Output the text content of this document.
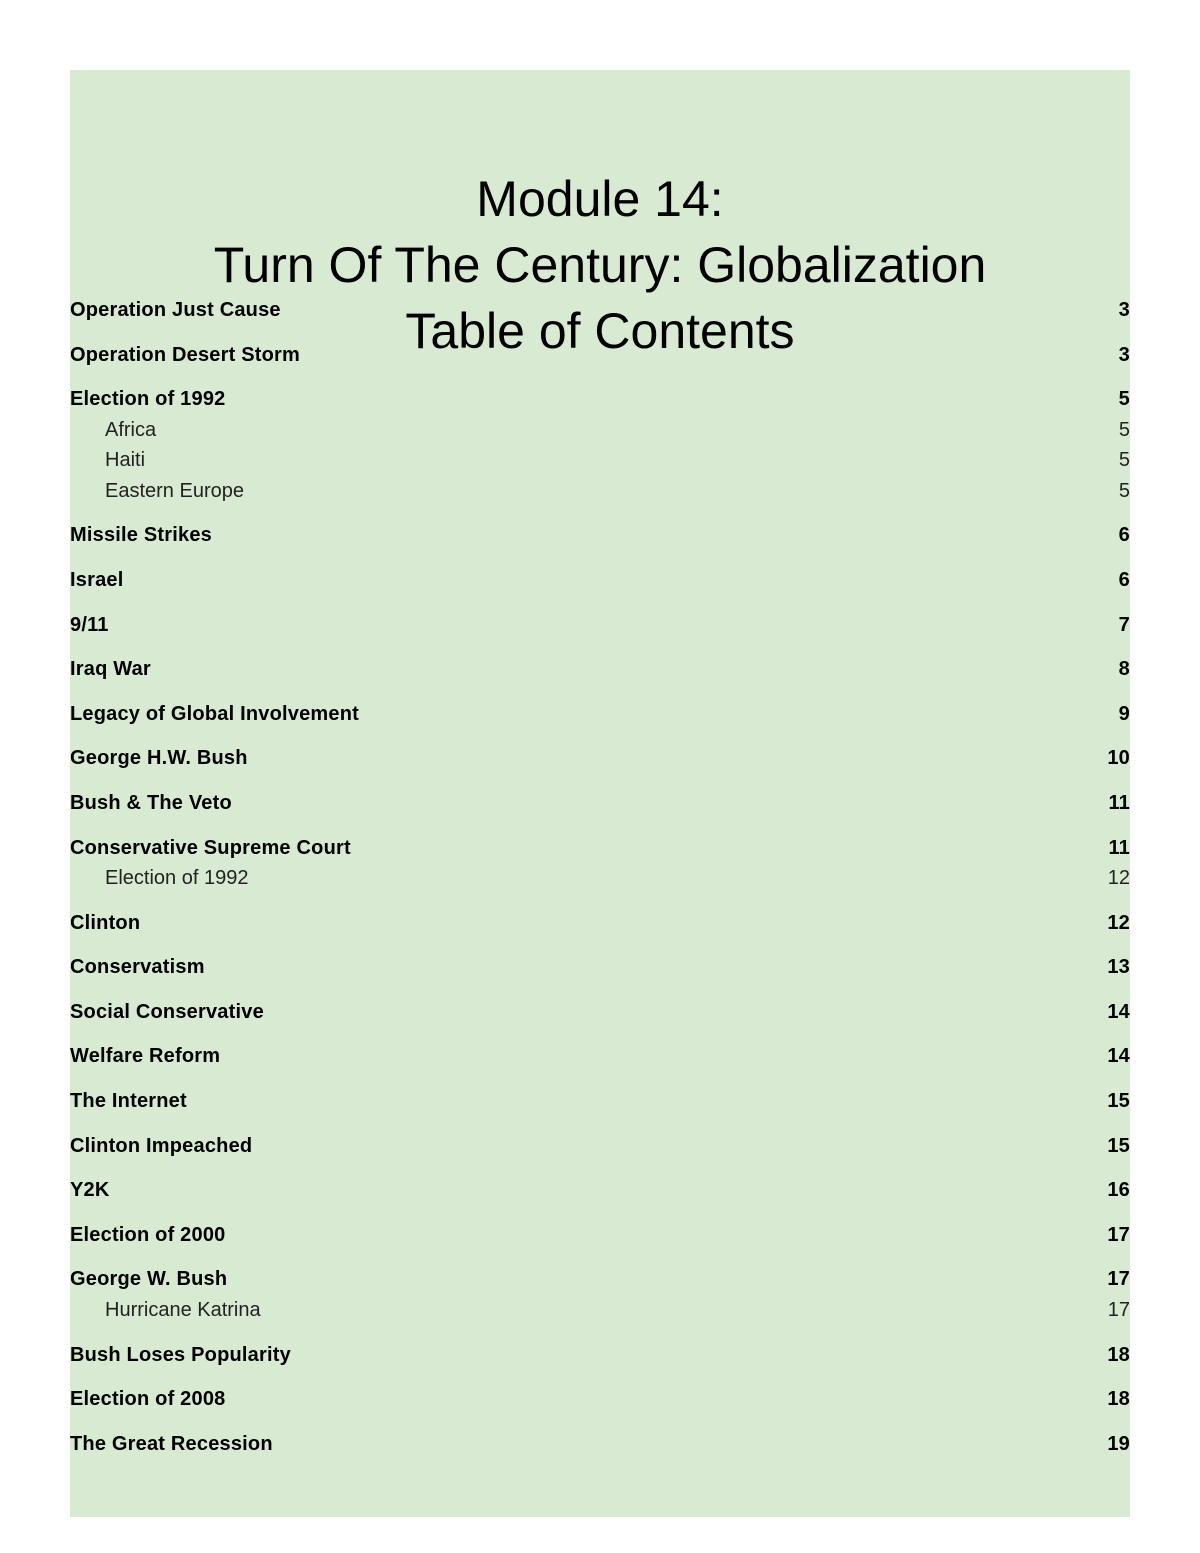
Module 14:
Turn Of The Century: Globalization
Table of Contents
Operation Just Cause	3
Operation Desert Storm	3
Election of 1992	5
Africa	5
Haiti	5
Eastern Europe	5
Missile Strikes	6
Israel	6
9/11	7
Iraq War	8
Legacy of Global Involvement	9
George H.W. Bush	10
Bush & The Veto	11
Conservative Supreme Court	11
Election of 1992	12
Clinton	12
Conservatism	13
Social Conservative	14
Welfare Reform	14
The Internet	15
Clinton Impeached	15
Y2K	16
Election of 2000	17
George W. Bush	17
Hurricane Katrina	17
Bush Loses Popularity	18
Election of 2008	18
The Great Recession	19
